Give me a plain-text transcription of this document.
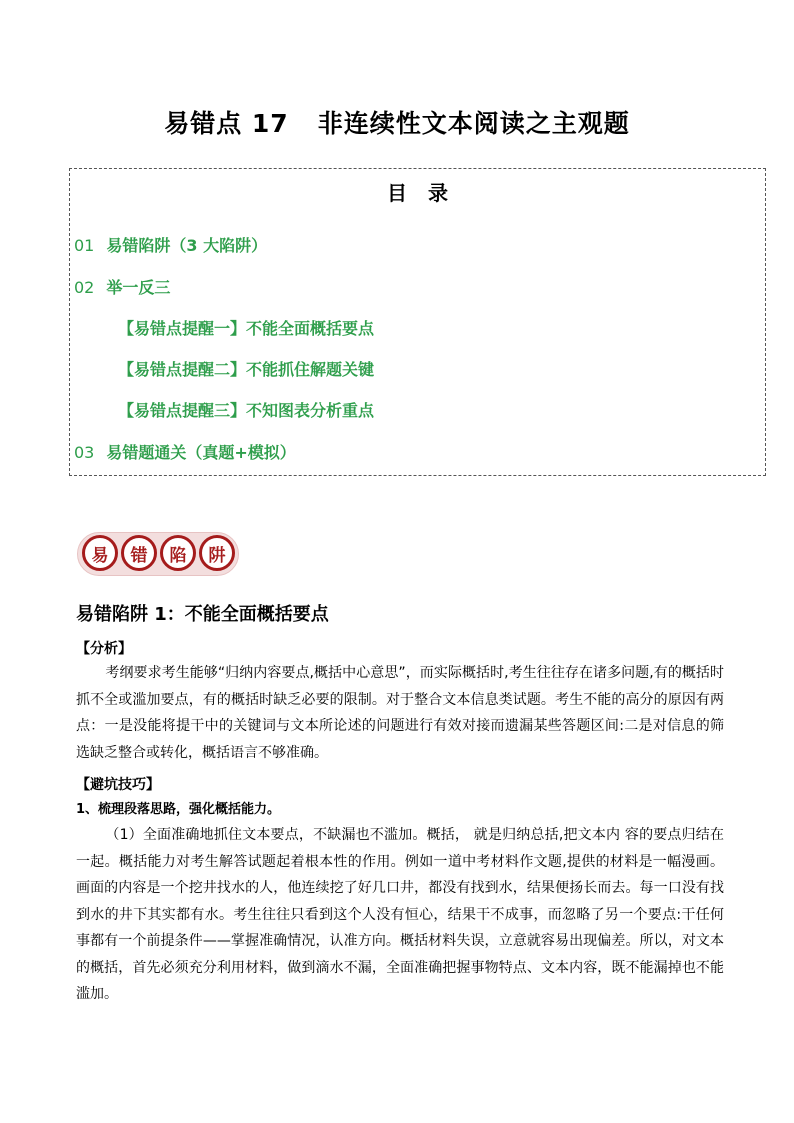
易错点 17   非连续性文本阅读之主观题
目 录
01 易错陷阱（3 大陷阱）
02 举一反三
【易错点提醒一】不能全面概括要点
【易错点提醒二】不能抓住解题关键
【易错点提醒三】不知图表分析重点
03 易错题通关（真题+模拟）
易	错	陷	阱
易错陷阱 1：不能全面概括要点
【分析】
考纲要求考生能够“归纳内容要点,概括中心意思”，而实际概括时,考生往往存在诸多问题,有的概括时抓不全或滥加要点，有的概括时缺乏必要的限制。对于整合文本信息类试题。考生不能的高分的原因有两点：一是没能将提干中的关键词与文本所论述的问题进行有效对接而遗漏某些答题区间:二是对信息的筛选缺乏整合或转化，概括语言不够准确。
【避坑技巧】
1、梳理段落思路，强化概括能力。
（1）全面准确地抓住文本要点，不缺漏也不滥加。概括， 就是归纳总括,把文本内 容的要点归结在一起。概括能力对考生解答试题起着根本性的作用。例如一道中考材料作文题,提供的材料是一幅漫画。画面的内容是一个挖井找水的人，他连续挖了好几口井，都没有找到水，结果便扬长而去。每一口没有找到水的井下其实都有水。考生往往只看到这个人没有恒心，结果干不成事，而忽略了另一个要点:干任何事都有一个前提条件——掌握准确情况，认准方向。概括材料失误，立意就容易出现偏差。所以，对文本的概括，首先必须充分利用材料，做到滴水不漏，全面准确把握事物特点、文本内容，既不能漏掉也不能滥加。
